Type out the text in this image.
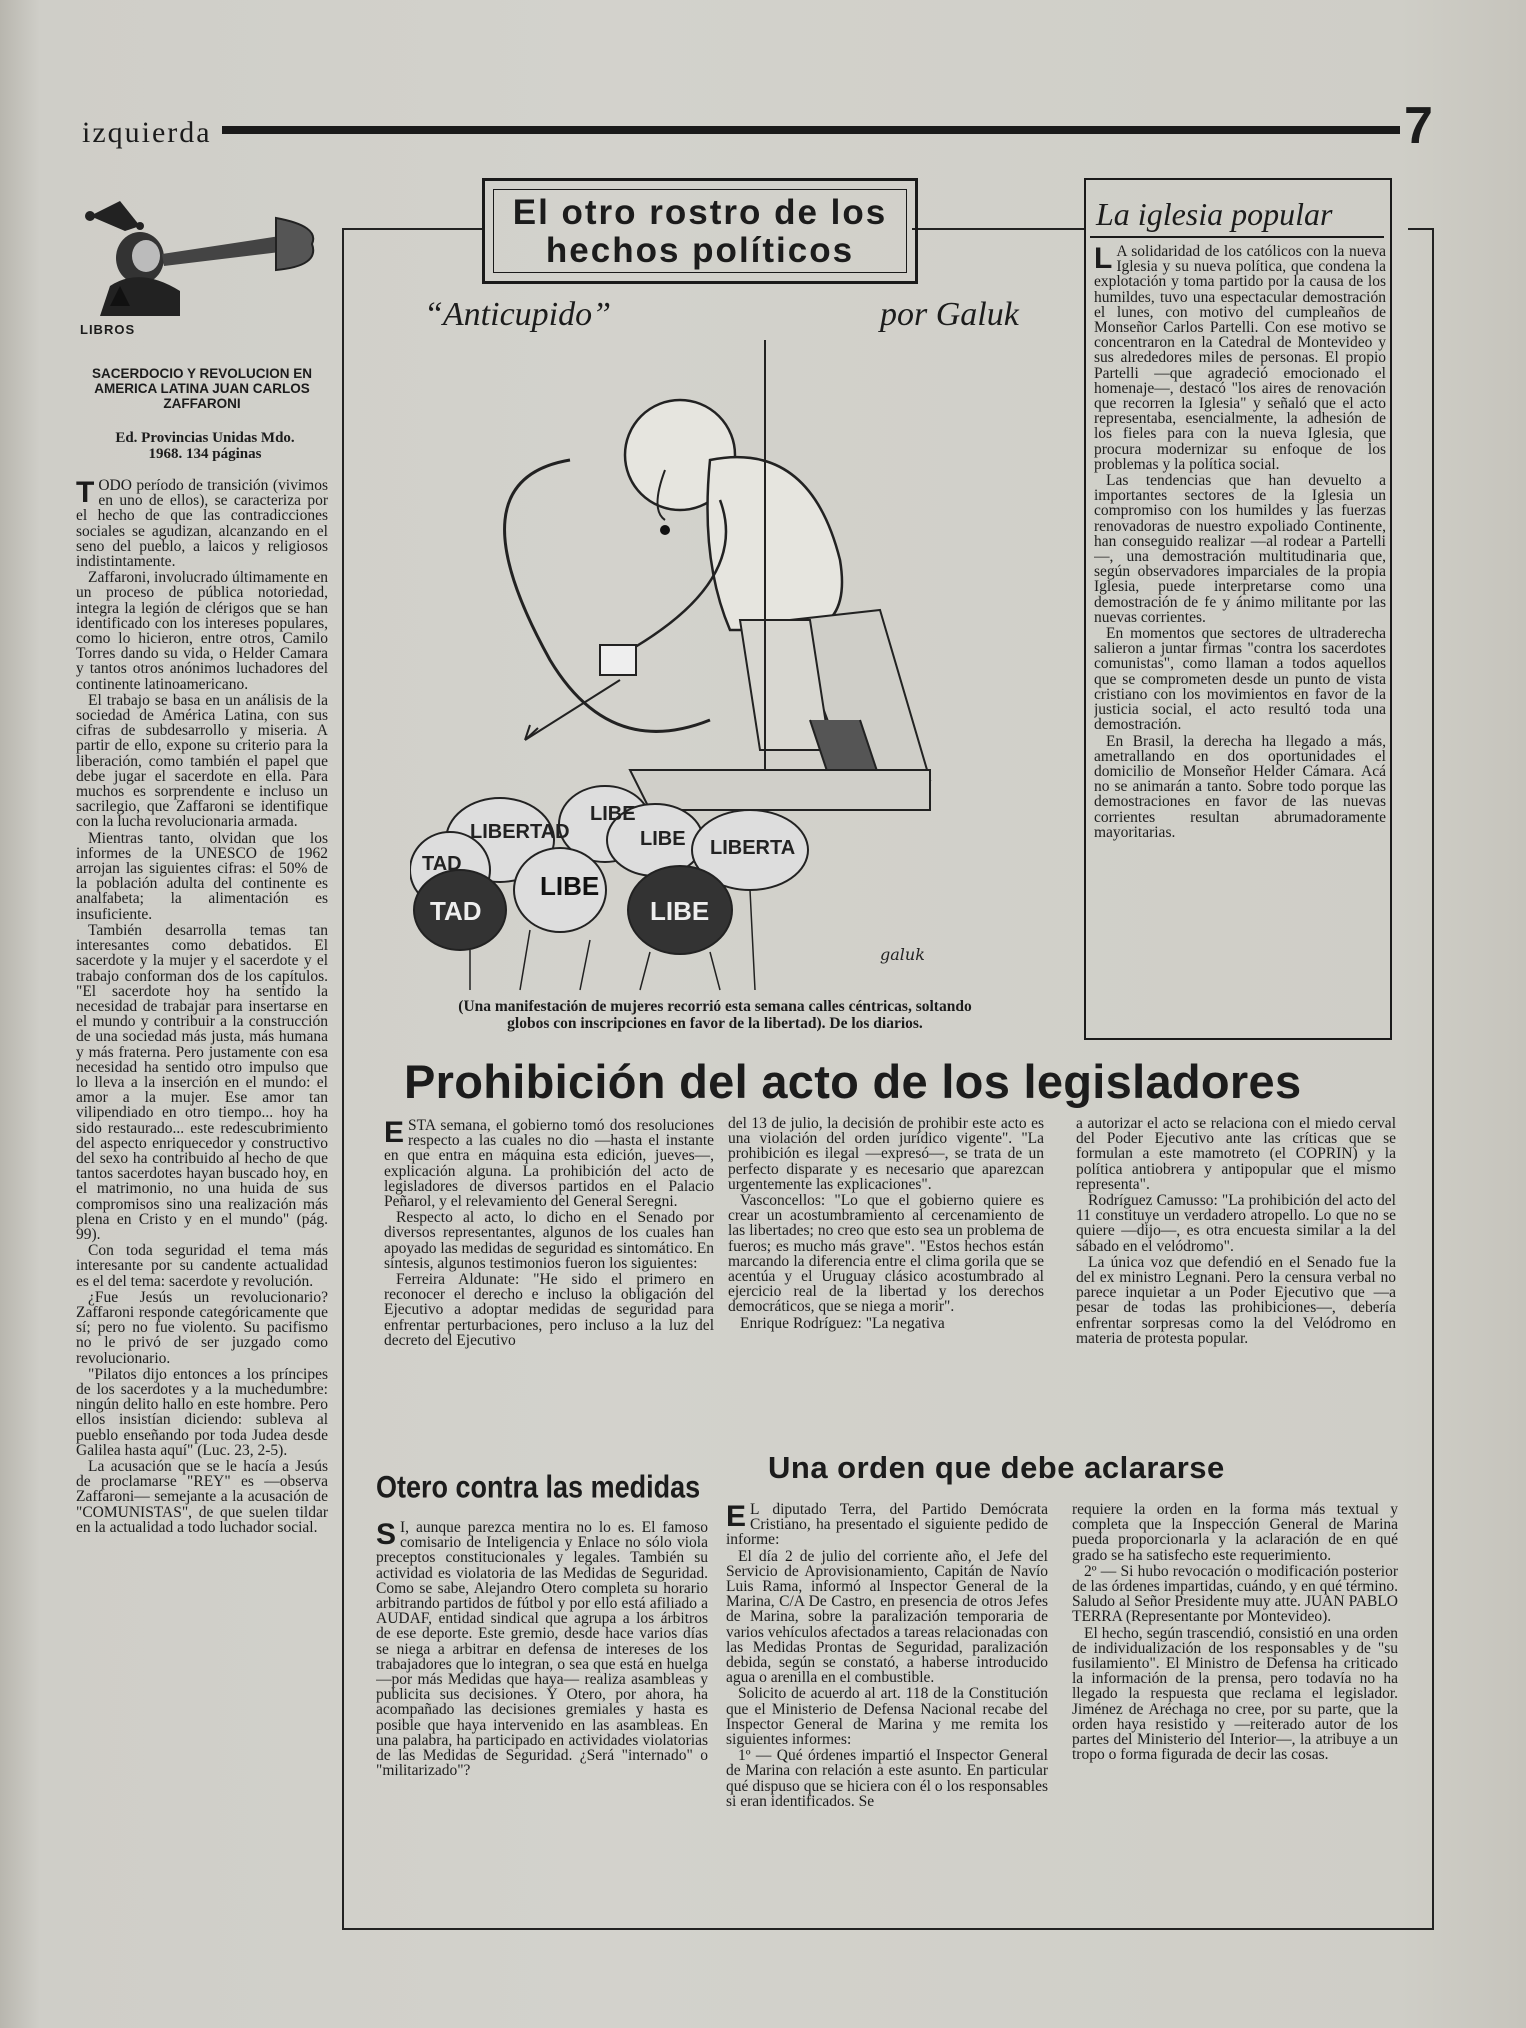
izquierda	7
LIBROS
SACERDOCIO Y REVOLUCION EN AMERICA LATINA JUAN CARLOS ZAFFARONI
Ed. Provincias Unidas Mdo. 1968. 134 páginas

TODO período de transición (vivimos en uno de ellos), se caracteriza por el hecho de que las contradicciones sociales se agudizan, alcanzando en el seno del pueblo, a laicos y religiosos indistintamente.

Zaffaroni, involucrado últimamente en un proceso de pública notoriedad, integra la legión de clérigos que se han identificado con los intereses populares, como lo hicieron, entre otros, Camilo Torres dando su vida, o Helder Camara y tantos otros anónimos luchadores del continente latinoamericano.

El trabajo se basa en un análisis de la sociedad de América Latina, con sus cifras de subdesarrollo y miseria. A partir de ello, expone su criterio para la liberación, como también el papel que debe jugar el sacerdote en ella. Para muchos es sorprendente e incluso un sacrilegio, que Zaffaroni se identifique con la lucha revolucionaria armada.

Mientras tanto, olvidan que los informes de la UNESCO de 1962 arrojan las siguientes cifras: el 50% de la población adulta del continente es analfabeta; la alimentación es insuficiente.

También desarrolla temas tan interesantes como debatidos. El sacerdote y la mujer y el sacerdote y el trabajo conforman dos de los capítulos. "El sacerdote hoy ha sentido la necesidad de trabajar para insertarse en el mundo y contribuir a la construcción de una sociedad más justa, más humana y más fraterna. Pero justamente con esa necesidad ha sentido otro impulso que lo lleva a la inserción en el mundo: el amor a la mujer. Ese amor tan vilipendiado en otro tiempo... hoy ha sido restaurado... este redescubrimiento del aspecto enriquecedor y constructivo del sexo ha contribuido al hecho de que tantos sacerdotes hayan buscado hoy, en el matrimonio, no una huida de sus compromisos sino una realización más plena en Cristo y en el mundo" (pág. 99).

Con toda seguridad el tema más interesante por su candente actualidad es el del tema: sacerdote y revolución.

¿Fue Jesús un revolucionario? Zaffaroni responde categóricamente que sí; pero no fue violento. Su pacifismo no le privó de ser juzgado como revolucionario.

"Pilatos dijo entonces a los príncipes de los sacerdotes y a la muchedumbre: ningún delito hallo en este hombre. Pero ellos insistían diciendo: subleva al pueblo enseñando por toda Judea desde Galilea hasta aquí" (Luc. 23, 2-5).

La acusación que se le hacía a Jesús de proclamarse "REY" es —observa Zaffaroni— semejante a la acusación de "COMUNISTAS", de que suelen tildar en la actualidad a todo luchador social.

El otro rostro de los hechos políticos
“Anticupido”	por Galuk
LIBERTAD
LIBE
TAD
LIBE
TAD
LIBE LIBERTA
LIBE
galuk
(Una manifestación de mujeres recorrió esta semana calles céntricas, soltando globos con inscripciones en favor de la libertad). De los diarios.
La iglesia popular

L A solidaridad de los católicos con la nueva Iglesia y su nueva política, que condena la explotación y toma partido por la causa de los humildes, tuvo una espectacular demostración el lunes, con motivo del cumpleaños de Monseñor Carlos Partelli. Con ese motivo se concentraron en la Catedral de Montevideo y sus alrededores miles de personas. El propio Partelli —que agradeció emocionado el homenaje—, destacó "los aires de renovación que recorren la Iglesia" y señaló que el acto representaba, esencialmente, la adhesión de los fieles para con la nueva Iglesia, que procura modernizar su enfoque de los problemas y la política social.

Las tendencias que han devuelto a importantes sectores de la Iglesia un compromiso con los humildes y las fuerzas renovadoras de nuestro expoliado Continente, han conseguido realizar —al rodear a Partelli—, una demostración multitudinaria que, según observadores imparciales de la propia Iglesia, puede interpretarse como una demostración de fe y ánimo militante por las nuevas corrientes.

En momentos que sectores de ultraderecha salieron a juntar firmas "contra los sacerdotes comunistas", como llaman a todos aquellos que se comprometen desde un punto de vista cristiano con los movimientos en favor de la justicia social, el acto resultó toda una demostración.

En Brasil, la derecha ha llegado a más, ametrallando en dos oportunidades el domicilio de Monseñor Helder Cámara. Acá no se animarán a tanto. Sobre todo porque las demostraciones en favor de las nuevas corrientes resultan abrumadoramente mayoritarias.

Prohibición del acto de los legisladores

ESTA semana, el gobierno tomó dos resoluciones respecto a las cuales no dio —hasta el instante en que entra en máquina esta edición, jueves—, explicación alguna. La prohibición del acto de legisladores de diversos partidos en el Palacio Peñarol, y el relevamiento del General Seregni.

Respecto al acto, lo dicho en el Senado por diversos representantes, algunos de los cuales han apoyado las medidas de seguridad es sintomático. En síntesis, algunos testimonios fueron los siguientes:

Ferreira Aldunate: "He sido el primero en reconocer el derecho e incluso la obligación del Ejecutivo a adoptar medidas de seguridad para enfrentar perturbaciones, pero incluso a la luz del decreto del Ejecutivo

del 13 de julio, la decisión de prohibir este acto es una violación del orden jurídico vigente". "La prohibición es ilegal —expresó—, se trata de un perfecto disparate y es necesario que aparezcan urgentemente las explicaciones".

Vasconcellos: "Lo que el gobierno quiere es crear un acostumbramiento al cercenamiento de las libertades; no creo que esto sea un problema de fueros; es mucho más grave". "Estos hechos están marcando la diferencia entre el clima gorila que se acentúa y el Uruguay clásico acostumbrado al ejercicio real de la libertad y los derechos democráticos, que se niega a morir".

Enrique Rodríguez: "La negativa

a autorizar el acto se relaciona con el miedo cerval del Poder Ejecutivo ante las críticas que se formulan a este mamotreto (el COPRIN) y la política antiobrera y antipopular que el mismo representa".

Rodríguez Camusso: "La prohibición del acto del 11 constituye un verdadero atropello. Lo que no se quiere —dijo—, es otra encuesta similar a la del sábado en el velódromo".

La única voz que defendió en el Senado fue la del ex ministro Legnani. Pero la censura verbal no parece inquietar a un Poder Ejecutivo que —a pesar de todas las prohibiciones—, debería enfrentar sorpresas como la del Velódromo en materia de protesta popular.

Otero contra las medidas

S I, aunque parezca mentira no lo es. El famoso comisario de Inteligencia y Enlace no sólo viola preceptos constitucionales y legales. También su actividad es violatoria de las Medidas de Seguridad. Como se sabe, Alejandro Otero completa su horario arbitrando partidos de fútbol y por ello está afiliado a AUDAF, entidad sindical que agrupa a los árbitros de ese deporte. Este gremio, desde hace varios días se niega a arbitrar en defensa de intereses de los trabajadores que lo integran, o sea que está en huelga —por más Medidas que haya— realiza asambleas y publicita sus decisiones. Y Otero, por ahora, ha acompañado las decisiones gremiales y hasta es posible que haya intervenido en las asambleas. En una palabra, ha participado en actividades violatorias de las Medidas de Seguridad. ¿Será "internado" o "militarizado"?

Una orden que debe aclararse

E L diputado Terra, del Partido Demócrata Cristiano, ha presentado el siguiente pedido de informe:

El día 2 de julio del corriente año, el Jefe del Servicio de Aprovisionamiento, Capitán de Navío Luis Rama, informó al Inspector General de la Marina, C/A De Castro, en presencia de otros Jefes de Marina, sobre la paralización temporaria de varios vehículos afectados a tareas relacionadas con las Medidas Prontas de Seguridad, paralización debida, según se constató, a haberse introducido agua o arenilla en el combustible.

Solicito de acuerdo al art. 118 de la Constitución que el Ministerio de Defensa Nacional recabe del Inspector General de Marina y me remita los siguientes informes:

1º — Qué órdenes impartió el Inspector General de Marina con relación a este asunto. En particular qué dispuso que se hiciera con él o los responsables si eran identificados. Se

requiere la orden en la forma más textual y completa que la Inspección General de Marina pueda proporcionarla y la aclaración de en qué grado se ha satisfecho este requerimiento.

2º — Si hubo revocación o modificación posterior de las órdenes impartidas, cuándo, y en qué término. Saludo al Señor Presidente muy atte. JUAN PABLO TERRA (Representante por Montevideo).

El hecho, según trascendió, consistió en una orden de individualización de los responsables y de "su fusilamiento". El Ministro de Defensa ha criticado la información de la prensa, pero todavía no ha llegado la respuesta que reclama el legislador. Jiménez de Aréchaga no cree, por su parte, que la orden haya resistido y —reiterado autor de los partes del Ministerio del Interior—, la atribuye a un tropo o forma figurada de decir las cosas.
